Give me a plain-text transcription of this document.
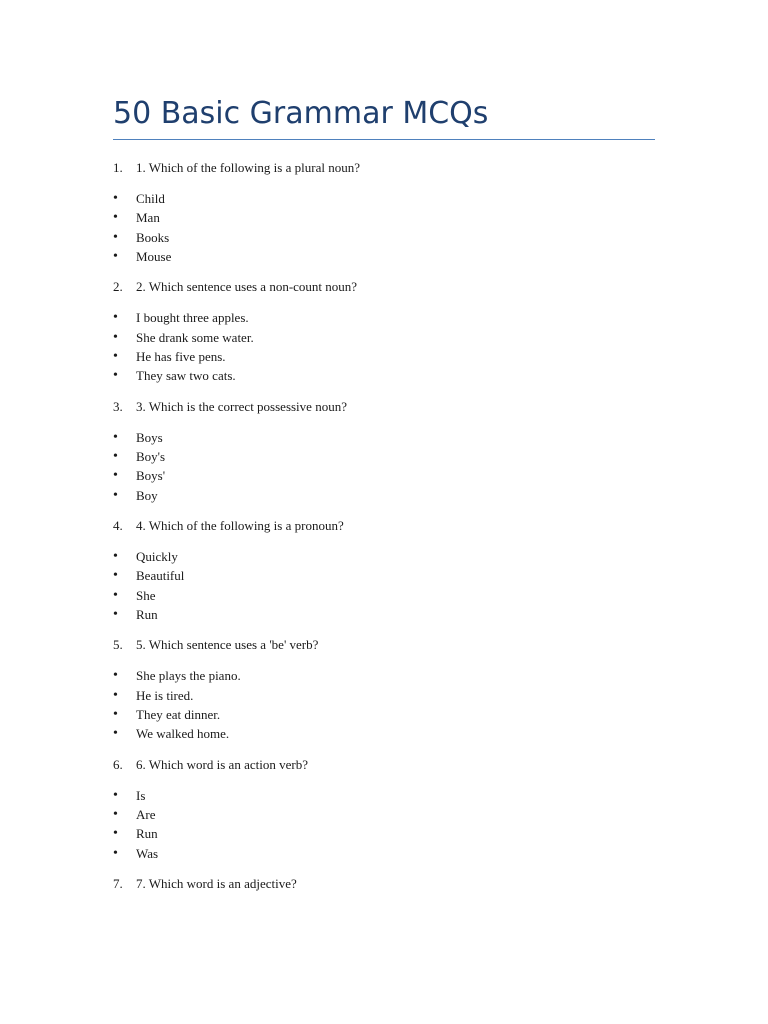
50 Basic Grammar MCQs
1. 1. Which of the following is a plural noun?
• Child
• Man
• Books
• Mouse
2. 2. Which sentence uses a non-count noun?
• I bought three apples.
• She drank some water.
• He has five pens.
• They saw two cats.
3. 3. Which is the correct possessive noun?
• Boys
• Boy's
• Boys'
• Boy
4. 4. Which of the following is a pronoun?
• Quickly
• Beautiful
• She
• Run
5. 5. Which sentence uses a 'be' verb?
• She plays the piano.
• He is tired.
• They eat dinner.
• We walked home.
6. 6. Which word is an action verb?
• Is
• Are
• Run
• Was
7. 7. Which word is an adjective?
